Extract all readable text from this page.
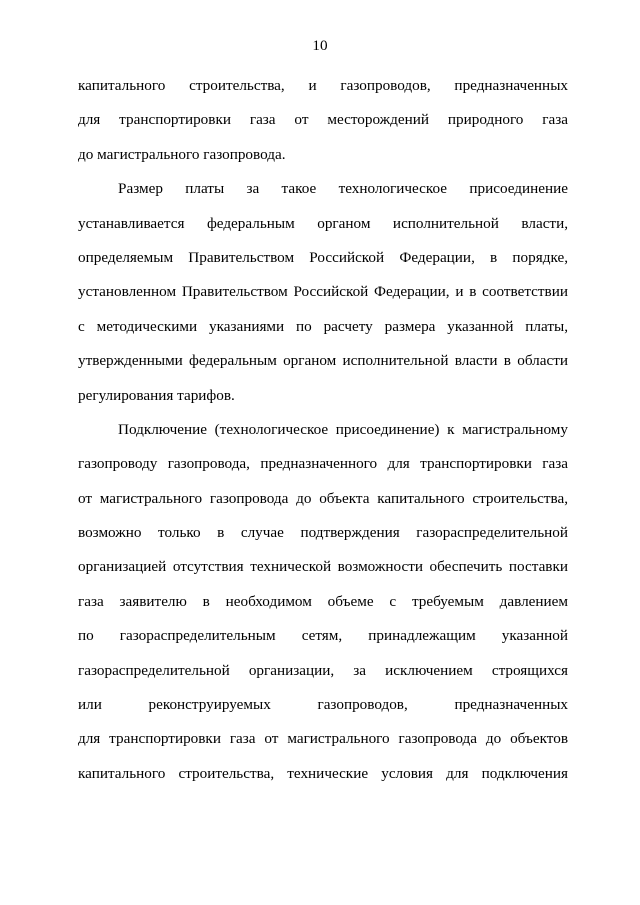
10
капитального строительства, и газопроводов, предназначенных
для транспортировки газа от месторождений природного газа
до магистрального газопровода.
Размер платы за такое технологическое присоединение
устанавливается федеральным органом исполнительной власти,
определяемым Правительством Российской Федерации, в порядке,
установленном Правительством Российской Федерации, и в соответствии
с методическими указаниями по расчету размера указанной платы,
утвержденными федеральным органом исполнительной власти в области
регулирования тарифов.
Подключение (технологическое присоединение) к магистральному
газопроводу газопровода, предназначенного для транспортировки газа
от магистрального газопровода до объекта капитального строительства,
возможно только в случае подтверждения газораспределительной
организацией отсутствия технической возможности обеспечить поставки
газа заявителю в необходимом объеме с требуемым давлением
по газораспределительным сетям, принадлежащим указанной
газораспределительной организации, за исключением строящихся
или реконструируемых газопроводов, предназначенных
для транспортировки газа от магистрального газопровода до объектов
капитального строительства, технические условия для подключения
